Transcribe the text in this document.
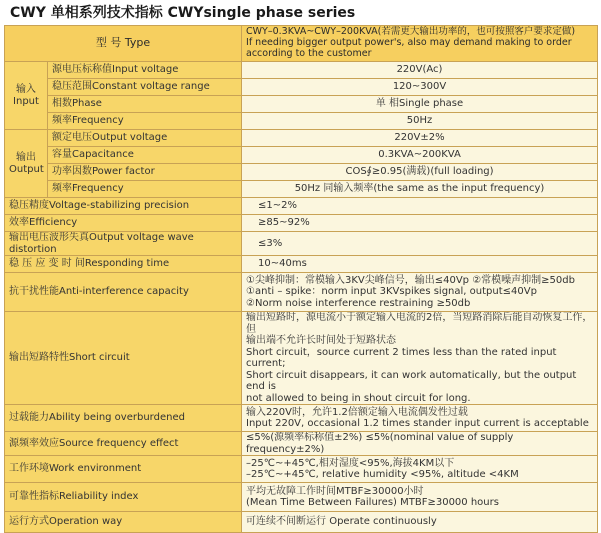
CWY 单相系列技术指标 CWYsingle phase series
型 号 Type		CWY–0.3KVA~CWY–200KVA(若需更大输出功率的，也可按照客户要求定做)
If needing bigger output power's, also may demand making to order
according to the customer

输入
Input	源电压标称值Input voltage	220V(Ac)
	稳压范围Constant voltage range	120~300V
	相数Phase	单 相Single phase
	频率Frequency	50Hz

输出
Output	额定电压Output voltage	220V±2%
	容量Capacitance	0.3KVA~200KVA
	功率因数Power factor	COS∮≥0.95(满载)(full loading)
	频率Frequency	50Hz 同输入频率(the same as the input frequency)
稳压精度Voltage-stabilizing precision		≤1~2%
效率Efficiency		≥85~92%
输出电压波形失真Output voltage wave distortion		≤3%
稳 压 应 变 时 间Responding time		10~40ms
抗干扰性能Anti-interference capacity		①尖峰抑制：常模输入3KV尖峰信号，输出≤40Vp ②常模噪声抑制≥50db
①anti – spike：norm input 3KVspikes signal, output≤40Vp
②Norm noise interference restraining ≥50db

输出短路特性Short circuit		输出短路时，源电流小于额定输入电流的2倍，当短路消除后能自动恢复工作，但
输出端不允许长时间处于短路状态
Short circuit，source current 2 times less than the rated input current;
Short circuit disappears, it can work automatically, but the output end is
not allowed to being in shout circuit for long.

过载能力Ability being overburdened		输入220V时，允许1.2倍额定输入电流偶发性过载
Input 220V, occasional 1.2 times stander input current is acceptable

源频率效应Source frequency effect		≤5%(源频率标称值±2%) ≤5%(nominal value of supply frequency±2%)
工作环境Work environment		–25℃~+45℃,相对湿度<95%,海拔4KM以下
–25℃~+45℃, relative humidity <95%, altitude <4KM

可靠性指标Reliability index		平均无故障工作时间MTBF≥30000小时
(Mean Time Between Failures) MTBF≥30000 hours

运行方式Operation way		可连续不间断运行 Operate continuously
